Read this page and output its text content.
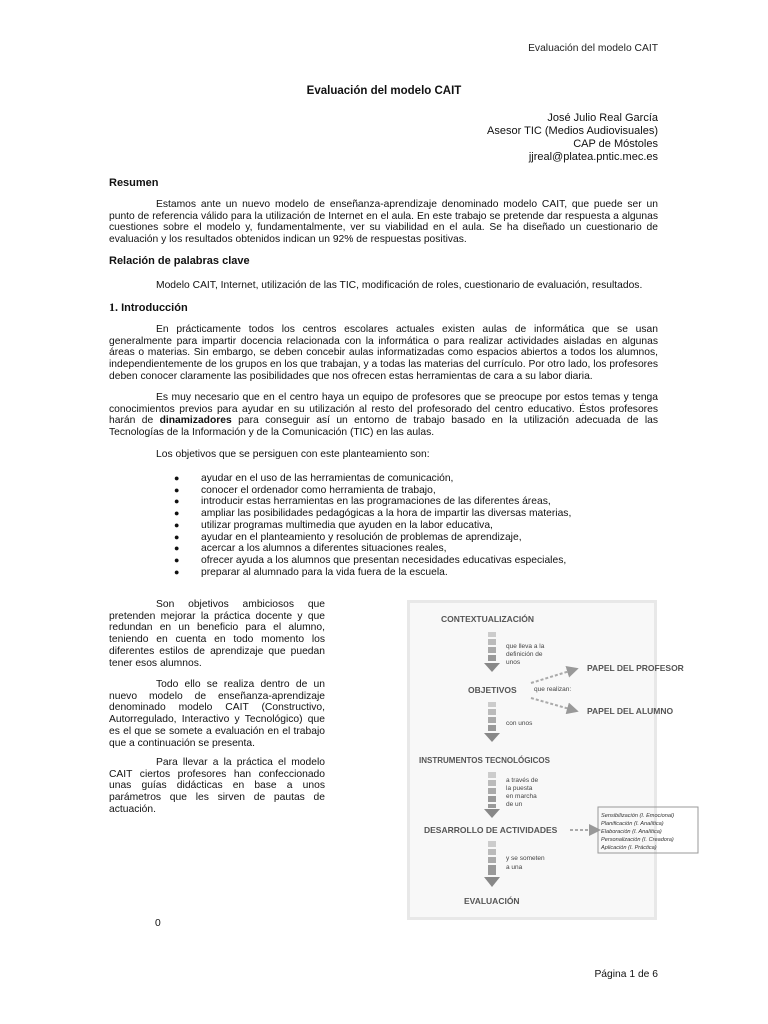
Evaluación del modelo CAIT
Evaluación del modelo CAIT
José Julio Real García
Asesor TIC (Medios Audiovisuales)
CAP de Móstoles
jjreal@platea.pntic.mec.es
Resumen

Estamos ante un nuevo modelo de enseñanza-aprendizaje denominado modelo CAIT, que puede ser un punto de referencia válido para la utilización de Internet en el aula. En este trabajo se pretende dar respuesta a algunas cuestiones sobre el modelo y, fundamentalmente, ver su viabilidad en el aula. Se ha diseñado un cuestionario de evaluación y los resultados obtenidos indican un 92% de respuestas positivas.

Relación de palabras clave

Modelo CAIT, Internet, utilización de las TIC, modificación de roles, cuestionario de evaluación, resultados.

1. Introducción

En prácticamente todos los centros escolares actuales existen aulas de informática que se usan generalmente para impartir docencia relacionada con la informática o para realizar actividades aisladas en algunas áreas o materias. Sin embargo, se deben concebir aulas informatizadas como espacios abiertos a todos los alumnos, independientemente de los grupos en los que trabajan, y a todas las materias del currículo. Por otro lado, los profesores deben conocer claramente las posibilidades que nos ofrecen estas herramientas de cara a su labor diaria.

Es muy necesario que en el centro haya un equipo de profesores que se preocupe por estos temas y tenga conocimientos previos para ayudar en su utilización al resto del profesorado del centro educativo. Éstos profesores harán de dinamizadores para conseguir así un entorno de trabajo basado en la utilización adecuada de las Tecnologías de la Información y de la Comunicación (TIC) en las aulas.

Los objetivos que se persiguen con este planteamiento son:

● ayudar en el uso de las herramientas de comunicación,
● conocer el ordenador como herramienta de trabajo,
● introducir estas herramientas en las programaciones de las diferentes áreas,
● ampliar las posibilidades pedagógicas a la hora de impartir las diversas materias,
● utilizar programas multimedia que ayuden en la labor educativa,
● ayudar en el planteamiento y resolución de problemas de aprendizaje,
● acercar a los alumnos a diferentes situaciones reales,
● ofrecer ayuda a los alumnos que presentan necesidades educativas especiales,
● preparar al alumnado para la vida fuera de la escuela.

Son objetivos ambiciosos que pretenden mejorar la práctica docente y que redundan en un beneficio para el alumno, teniendo en cuenta en todo momento los diferentes estilos de aprendizaje que puedan tener esos alumnos.

Todo ello se realiza dentro de un nuevo modelo de enseñanza-aprendizaje denominado modelo CAIT (Constructivo, Autorregulado, Interactivo y Tecnológico) que es el que se somete a evaluación en el trabajo que a continuación se presenta.

Para llevar a la práctica el modelo CAIT ciertos profesores han confeccionado unas guías didácticas en base a unos parámetros que les sirven de pautas de actuación.

CONTEXTUALIZACIÓN
que lleva a la
definición de
unos
OBJETIVOS	que realizan:
PAPEL DEL PROFESOR
PAPEL DEL ALUMNO
con unos
INSTRUMENTOS TECNOLÓGICOS
a través de
la puesta
en marcha
de un
DESARROLLO DE ACTIVIDADES
Sensibilización (I. Emocional)
Planificación (I. Analítica)
Elaboración (I. Analítica)
Personalización (I. Creadora)
Aplicación (I. Práctica)
y se someten
a una
EVALUACIÓN
0
Página 1 de 6
